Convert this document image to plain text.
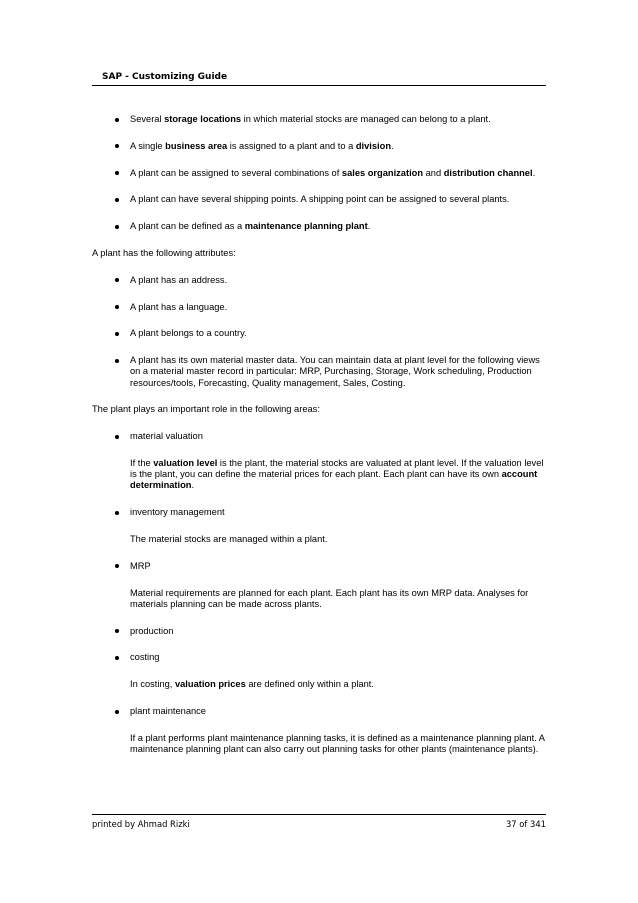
SAP - Customizing Guide
Several storage locations in which material stocks are managed can belong to a plant.
A single business area is assigned to a plant and to a division.
A plant can be assigned to several combinations of sales organization and distribution channel.
A plant can have several shipping points. A shipping point can be assigned to several plants.
A plant can be defined as a maintenance planning plant.
A plant has the following attributes:
A plant has an address.
A plant has a language.
A plant belongs to a country.
A plant has its own material master data. You can maintain data at plant level for the following views on a material master record in particular: MRP, Purchasing, Storage, Work scheduling, Production resources/tools, Forecasting, Quality management, Sales, Costing.
The plant plays an important role in the following areas:
material valuation
If the valuation level is the plant, the material stocks are valuated at plant level. If the valuation level is the plant, you can define the material prices for each plant. Each plant can have its own account determination.
inventory management
The material stocks are managed within a plant.
MRP
Material requirements are planned for each plant. Each plant has its own MRP data. Analyses for materials planning can be made across plants.
production
costing
In costing, valuation prices are defined only within a plant.
plant maintenance
If a plant performs plant maintenance planning tasks, it is defined as a maintenance planning plant. A maintenance planning plant can also carry out planning tasks for other plants (maintenance plants).
printed by Ahmad Rizki	37 of 341
